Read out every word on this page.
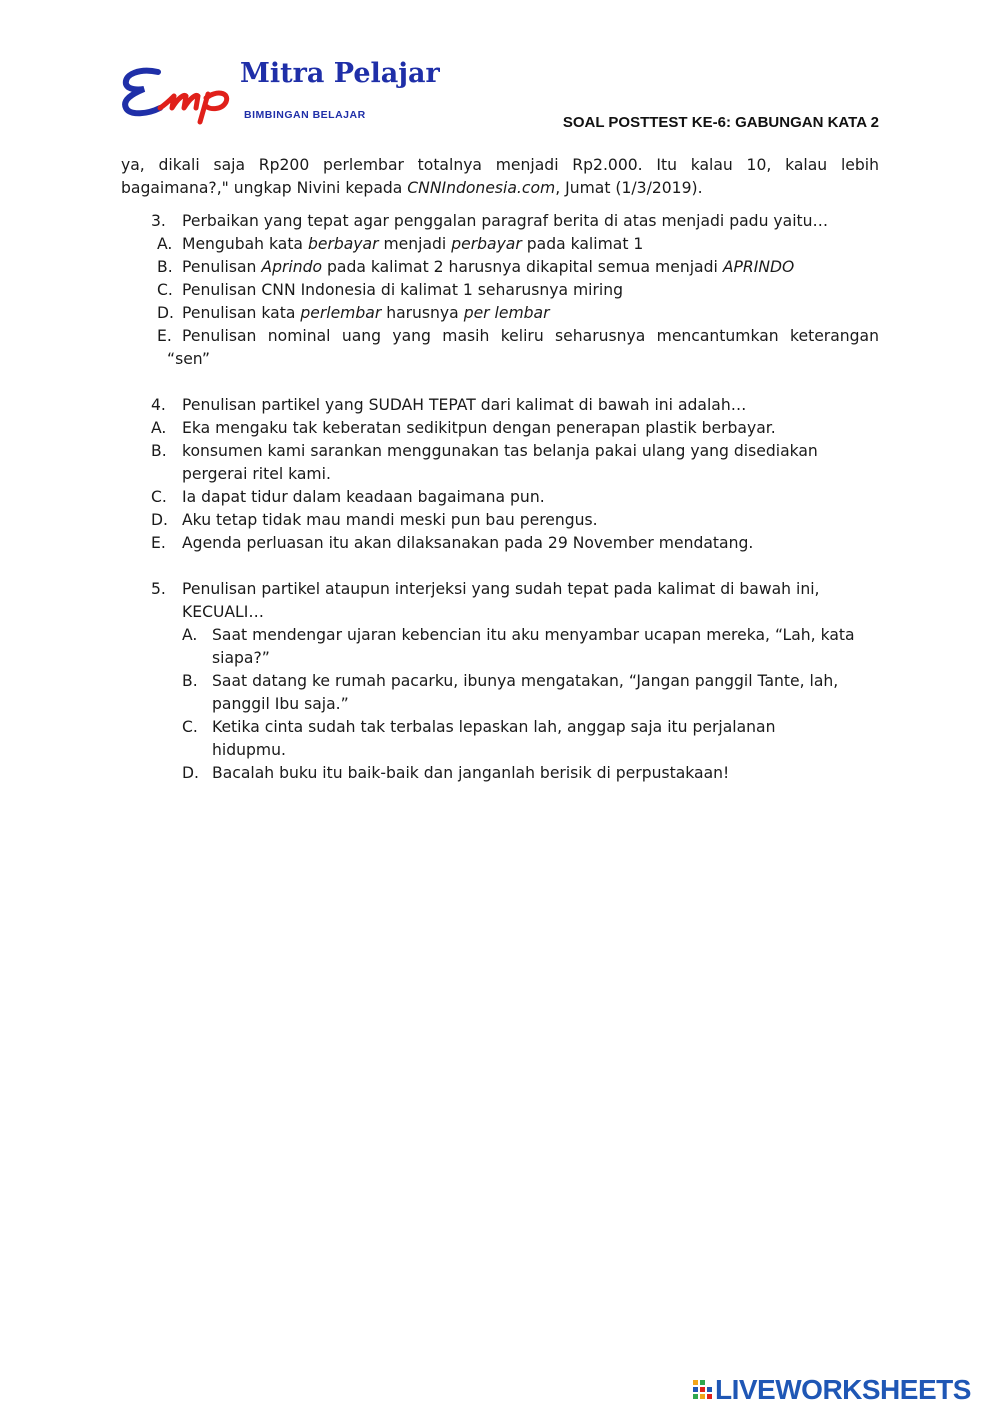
Mitra Pelajar
BIMBINGAN BELAJAR	SOAL POSTTEST KE-6: GABUNGAN KATA 2
ya, dikali saja Rp200 perlembar totalnya menjadi Rp2.000. Itu kalau 10, kalau lebih bagaimana?," ungkap Nivini kepada CNNIndonesia.com, Jumat (1/3/2019).
3. Perbaikan yang tepat agar penggalan paragraf berita di atas menjadi padu yaitu…
A. Mengubah kata berbayar menjadi perbayar pada kalimat 1
B. Penulisan Aprindo pada kalimat 2 harusnya dikapital semua menjadi APRINDO
C. Penulisan CNN Indonesia di kalimat 1 seharusnya miring
D. Penulisan kata perlembar harusnya per lembar
E. Penulisan nominal uang yang masih keliru seharusnya mencantumkan keterangan
“sen”
4. Penulisan partikel yang SUDAH TEPAT dari kalimat di bawah ini adalah…
A. Eka mengaku tak keberatan sedikitpun dengan penerapan plastik berbayar.
B. konsumen kami sarankan menggunakan tas belanja pakai ulang yang disediakan pergerai ritel kami.
C. Ia dapat tidur dalam keadaan bagaimana pun.
D. Aku tetap tidak mau mandi meski pun bau perengus.
E. Agenda perluasan itu akan dilaksanakan pada 29 November mendatang.
5. Penulisan partikel ataupun interjeksi yang sudah tepat pada kalimat di bawah ini, KECUALI…
A. Saat mendengar ujaran kebencian itu aku menyambar ucapan mereka, “Lah, kata siapa?”
B. Saat datang ke rumah pacarku, ibunya mengatakan, “Jangan panggil Tante, lah, panggil Ibu saja.”
C. Ketika cinta sudah tak terbalas lepaskan lah, anggap saja itu perjalanan hidupmu.
D. Bacalah buku itu baik-baik dan janganlah berisik di perpustakaan!
LIVEWORKSHEETS
